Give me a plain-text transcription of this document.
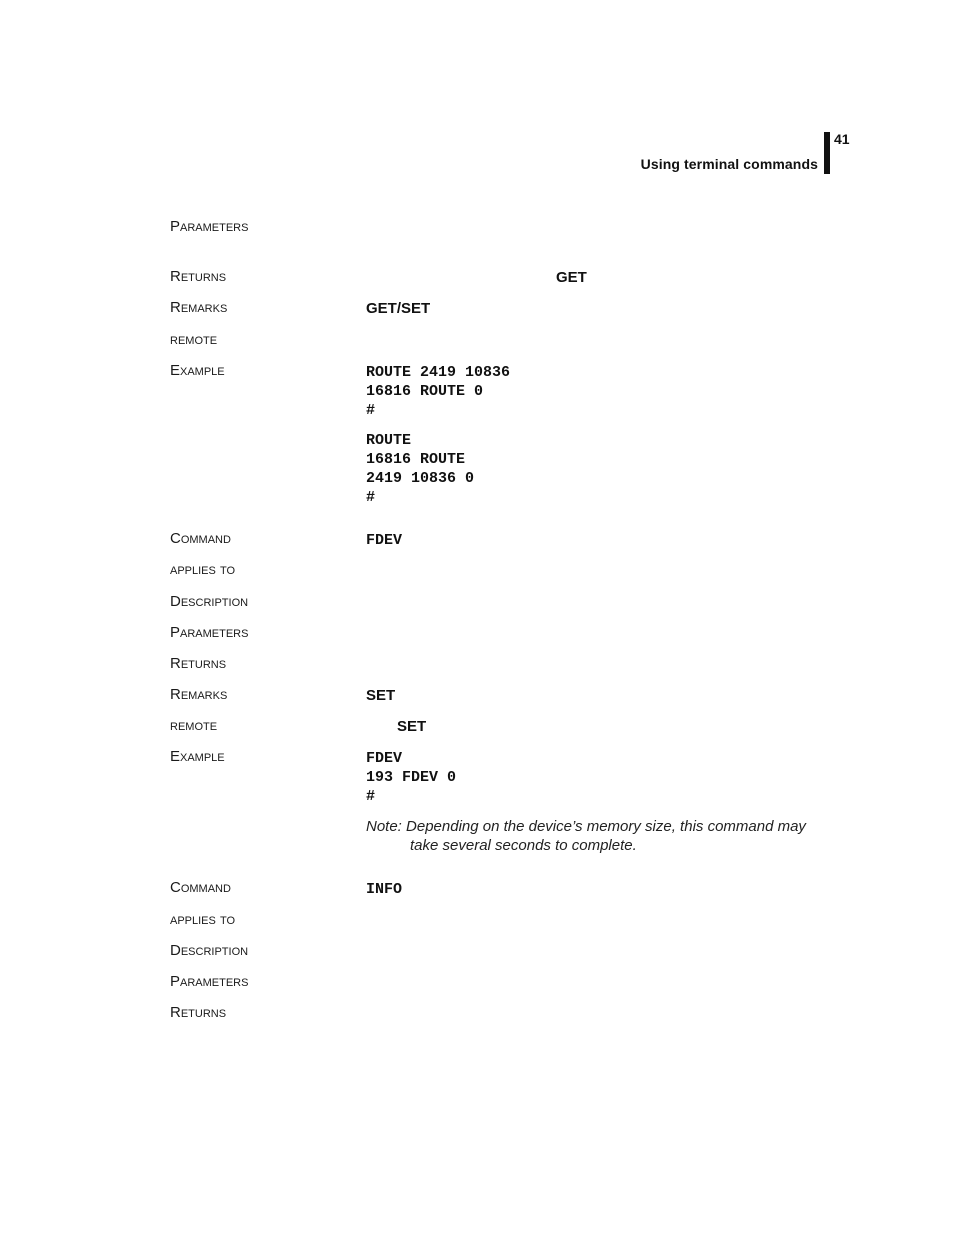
Using terminal commands
41
Parameters
Returns	GET
Remarks	GET/SET
remote
Example	ROUTE 2419 10836
16816 ROUTE 0
#
ROUTE
16816 ROUTE
2419 10836 0
#
Command	FDEV
applies to
Description
Parameters
Returns
Remarks	SET
remote	SET
Example	FDEV
193 FDEV 0
#
Note: Depending on the device’s memory size, this command may
take several seconds to complete.
Command	INFO
applies to
Description
Parameters
Returns
